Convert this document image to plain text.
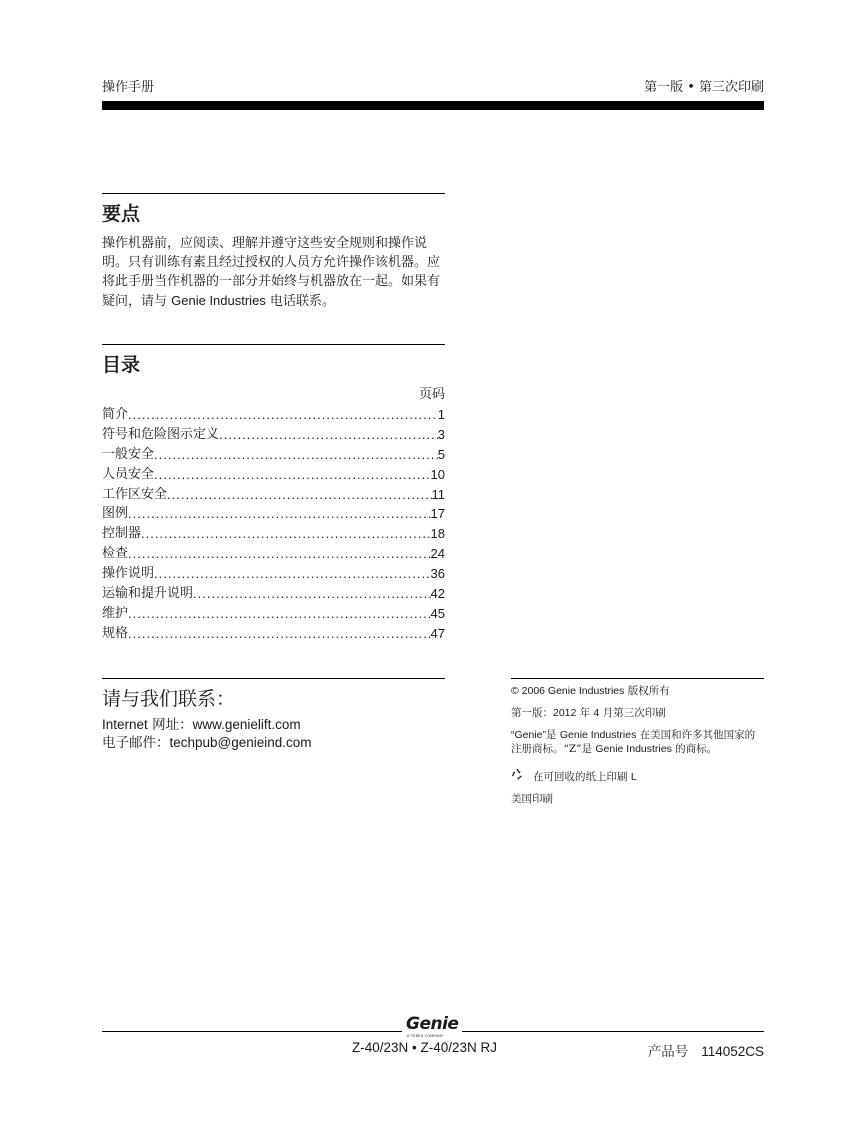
操作手册	第一版 • 第三次印刷
要点
操作机器前，应阅读、理解并遵守这些安全规则和操作说明。只有训练有素且经过授权的人员方允许操作该机器。应将此手册当作机器的一部分并始终与机器放在一起。如果有疑问，请与 Genie Industries 电话联系。
目录
页码
简介 .....	1
符号和危险图示定义 .....	3
一般安全 .....	5
人员安全 .....	10
工作区安全 .....	11
图例 .....	17
控制器 .....	18
检查 .....	24
操作说明 .....	36
运输和提升说明 .....	42
维护 .....	45
规格 .....	47
请与我们联系：
Internet 网址：www.genielift.com
电子邮件：techpub@genieind.com
© 2006 Genie Industries 版权所有
第一版：2012 年 4 月第三次印刷
“Genie”是 Genie Industries 在美国和许多其他国家的注册商标。“Z”是 Genie Industries 的商标。
在可回收的纸上印刷 L
美国印刷
Genie
A TEREX COMPANY
Z-40/23N • Z-40/23N RJ	产品号 114052CS
